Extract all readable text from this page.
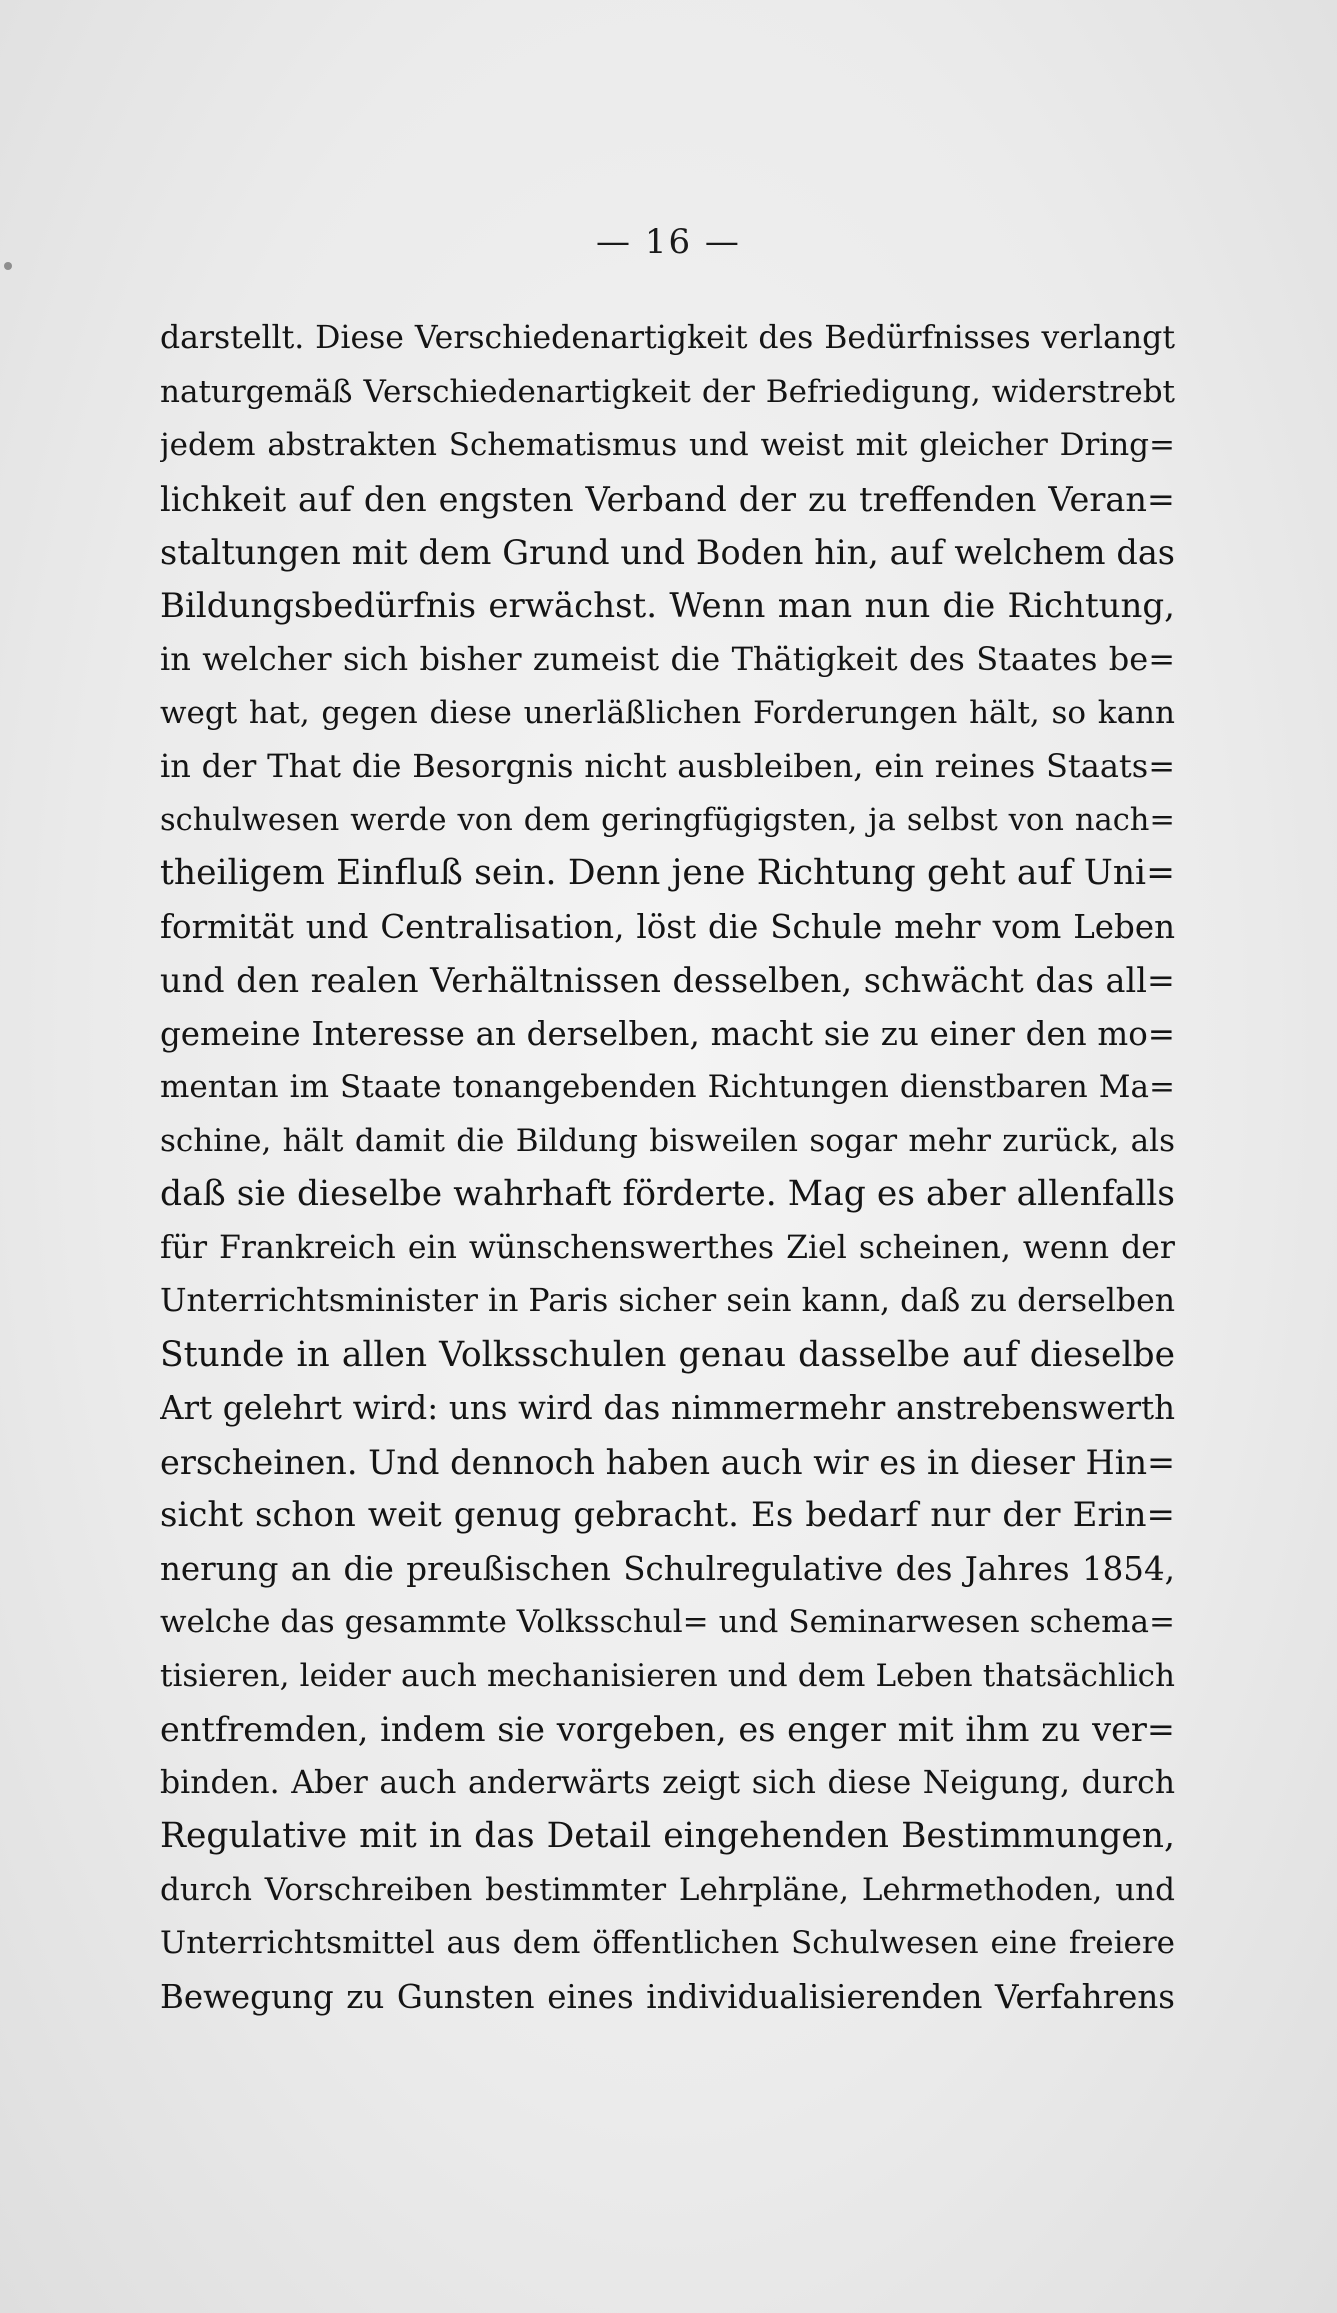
— 16 —
darstellt. Diese Verschiedenartigkeit des Bedürfnisses verlangt
naturgemäß Verschiedenartigkeit der Befriedigung, widerstrebt
jedem abstrakten Schematismus und weist mit gleicher Dring=
lichkeit auf den engsten Verband der zu treffenden Veran=
staltungen mit dem Grund und Boden hin, auf welchem das
Bildungsbedürfnis erwächst. Wenn man nun die Richtung,
in welcher sich bisher zumeist die Thätigkeit des Staates be=
wegt hat, gegen diese unerläßlichen Forderungen hält, so kann
in der That die Besorgnis nicht ausbleiben, ein reines Staats=
schulwesen werde von dem geringfügigsten, ja selbst von nach=
theiligem Einfluß sein. Denn jene Richtung geht auf Uni=
formität und Centralisation, löst die Schule mehr vom Leben
und den realen Verhältnissen desselben, schwächt das all=
gemeine Interesse an derselben, macht sie zu einer den mo=
mentan im Staate tonangebenden Richtungen dienstbaren Ma=
schine, hält damit die Bildung bisweilen sogar mehr zurück, als
daß sie dieselbe wahrhaft förderte. Mag es aber allenfalls
für Frankreich ein wünschenswerthes Ziel scheinen, wenn der
Unterrichtsminister in Paris sicher sein kann, daß zu derselben
Stunde in allen Volksschulen genau dasselbe auf dieselbe
Art gelehrt wird: uns wird das nimmermehr anstrebenswerth
erscheinen. Und dennoch haben auch wir es in dieser Hin=
sicht schon weit genug gebracht. Es bedarf nur der Erin=
nerung an die preußischen Schulregulative des Jahres 1854,
welche das gesammte Volksschul= und Seminarwesen schema=
tisieren, leider auch mechanisieren und dem Leben thatsächlich
entfremden, indem sie vorgeben, es enger mit ihm zu ver=
binden. Aber auch anderwärts zeigt sich diese Neigung, durch
Regulative mit in das Detail eingehenden Bestimmungen,
durch Vorschreiben bestimmter Lehrpläne, Lehrmethoden, und
Unterrichtsmittel aus dem öffentlichen Schulwesen eine freiere
Bewegung zu Gunsten eines individualisierenden Verfahrens
